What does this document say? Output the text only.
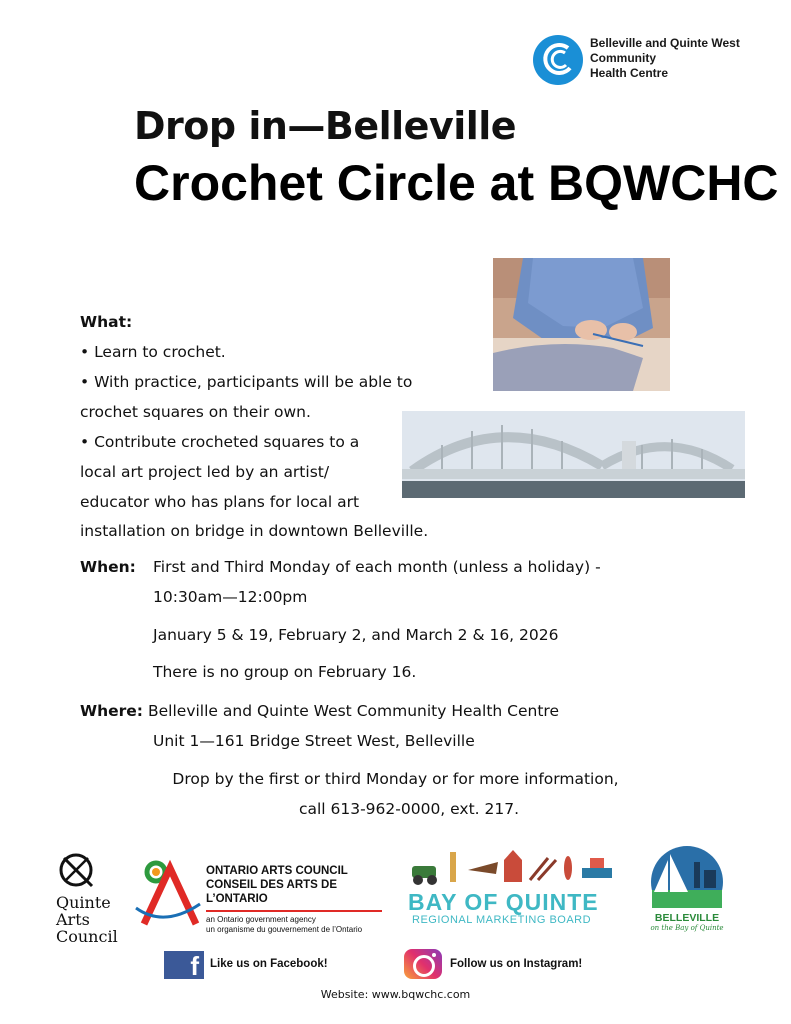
Belleville and Quinte West
Community
Health Centre
Drop in—Belleville
Crochet Circle at BQWCHC
What:
• Learn to crochet.
• With practice, participants will be able to
crochet squares on their own.
• Contribute crocheted squares to a
local art project led by an artist/
educator who has plans for local art
installation on bridge in downtown Belleville.
When: First and Third Monday of each month (unless a holiday) -
10:30am—12:00pm
January 5 & 19, February 2, and March 2 & 16, 2026
There is no group on February 16.
Where: Belleville and Quinte West Community Health Centre
Unit 1—161 Bridge Street West, Belleville
Drop by the first or third Monday or for more information,
call 613-962-0000, ext. 217.
Quinte
Arts
Council
ONTARIO ARTS COUNCIL
CONSEIL DES ARTS DE L’ONTARIO
an Ontario government agency
un organisme du gouvernement de l’Ontario
BAY OF QUINTE
REGIONAL MARKETING BOARD	BELLEVILLE
on the Bay of Quinte
f Like us on Facebook!	Follow us on Instagram!
Website: www.bqwchc.com
